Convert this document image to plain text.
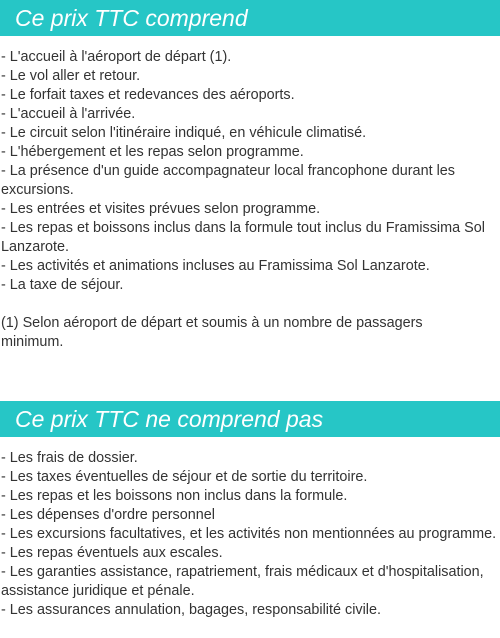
Ce prix TTC comprend
- L'accueil à l'aéroport de départ (1).
- Le vol aller et retour.
- Le forfait taxes et redevances des aéroports.
- L'accueil à l'arrivée.
- Le circuit selon l'itinéraire indiqué, en véhicule climatisé.
- L'hébergement et les repas selon programme.
- La présence d'un guide accompagnateur local francophone durant les excursions.
- Les entrées et visites prévues selon programme.
- Les repas et boissons inclus dans la formule tout inclus du Framissima Sol Lanzarote.
- Les activités et animations incluses au Framissima Sol Lanzarote.
- La taxe de séjour.

(1) Selon aéroport de départ et soumis à un nombre de passagers minimum.

Ce prix TTC ne comprend pas
- Les frais de dossier.
- Les taxes éventuelles de séjour et de sortie du territoire.
- Les repas et les boissons non inclus dans la formule.
- Les dépenses d'ordre personnel
- Les excursions facultatives, et les activités non mentionnées au programme.
- Les repas éventuels aux escales.
- Les garanties assistance, rapatriement, frais médicaux et d'hospitalisation, assistance juridique et pénale.
- Les assurances annulation, bagages, responsabilité civile.
